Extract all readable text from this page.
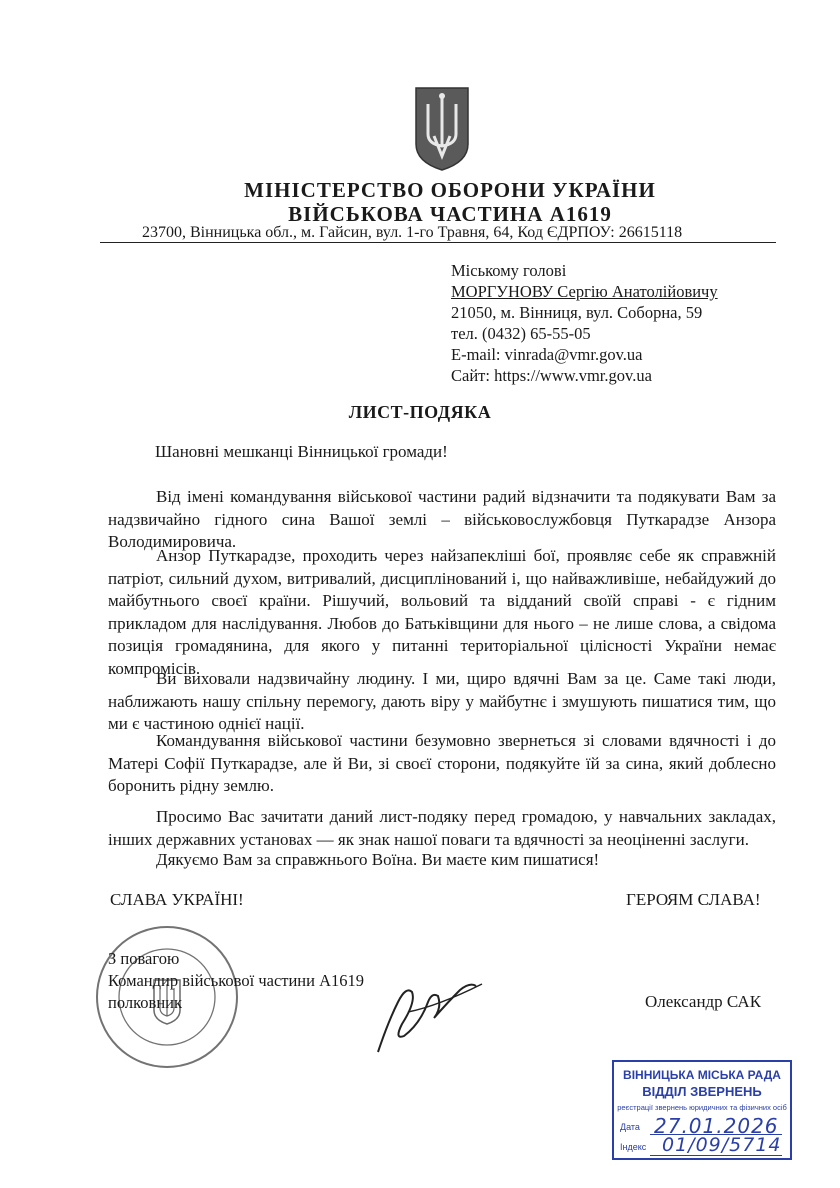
МІНІСТЕРСТВО ОБОРОНИ УКРАЇНИ
ВІЙСЬКОВА ЧАСТИНА А1619
23700, Вінницька обл., м. Гайсин, вул. 1-го Травня, 64, Код ЄДРПОУ: 26615118
Міському голові
МОРГУНОВУ Сергію Анатолійовичу
21050, м. Вінниця, вул. Соборна, 59
тел. (0432) 65-55-05
E-mail: vinrada@vmr.gov.ua
Сайт: https://www.vmr.gov.ua
ЛИСТ-ПОДЯКА
Шановні мешканці Вінницької громади!

Від імені командування військової частини радий відзначити та подякувати Вам за надзвичайно гідного сина Вашої землі – військовослужбовця Путкарадзе Анзора Володимировича.

Анзор Путкарадзе, проходить через найзапекліші бої, проявляє себе як справжній патріот, сильний духом, витривалий, дисциплінований і, що найважливіше, небайдужий до майбутнього своєї країни. Рішучий, вольовий та відданий своїй справі - є гідним прикладом для наслідування. Любов до Батьківщини для нього – не лише слова, а свідома позиція громадянина, для якого у питанні територіальної цілісності України немає компромісів.

Ви виховали надзвичайну людину. І ми, щиро вдячні Вам за це. Саме такі люди, наближають нашу спільну перемогу, дають віру у майбутнє і змушують пишатися тим, що ми є частиною однієї нації.

Командування військової частини безумовно звернеться зі словами вдячності і до Матері Софії Путкарадзе, але й Ви, зі своєї сторони, подякуйте їй за сина, який доблесно боронить рідну землю.

Просимо Вас зачитати даний лист-подяку перед громадою, у навчальних закладах, інших державних установах — як знак нашої поваги та вдячності за неоціненні заслуги.

Дякуємо Вам за справжнього Воїна. Ви маєте ким пишатися!

СЛАВА УКРАЇНІ!	ГЕРОЯМ СЛАВА!
З повагою
Командир військової частини А1619
полковник	Олександр САК
ВІННИЦЬКА МІСЬКА РАДА
ВІДДІЛ ЗВЕРНЕНЬ
реєстрації звернень юридичних та фізичних осіб
Дата 27.01.2026
Індекс 01/09/5714
